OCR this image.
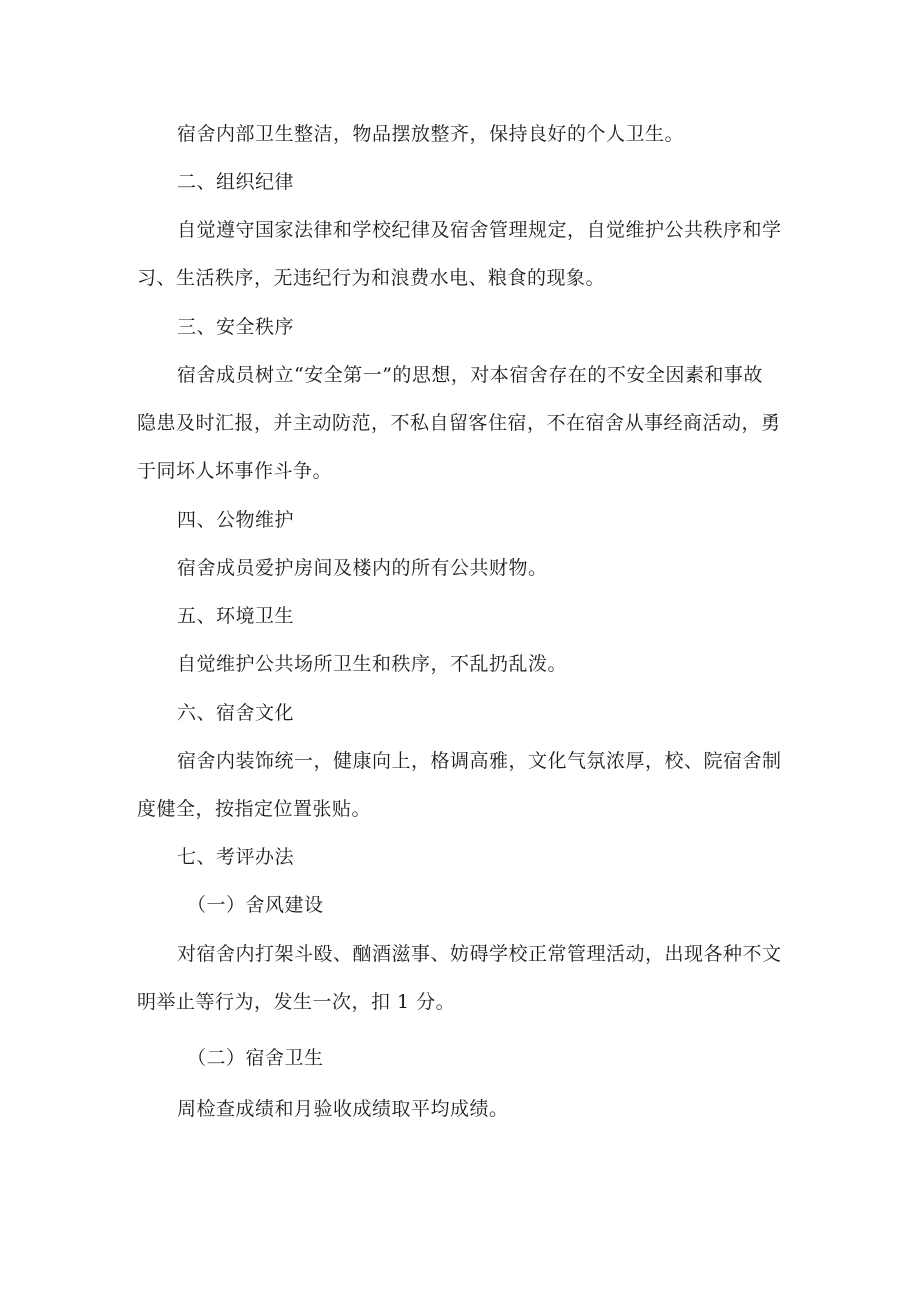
宿舍内部卫生整洁，物品摆放整齐，保持良好的个人卫生。
二、组织纪律
自觉遵守国家法律和学校纪律及宿舍管理规定，自觉维护公共秩序和学
习、生活秩序，无违纪行为和浪费水电、粮食的现象。
三、安全秩序
宿舍成员树立“安全第一”的思想，对本宿舍存在的不安全因素和事故
隐患及时汇报，并主动防范，不私自留客住宿，不在宿舍从事经商活动，勇
于同坏人坏事作斗争。
四、公物维护
宿舍成员爱护房间及楼内的所有公共财物。
五、环境卫生
自觉维护公共场所卫生和秩序，不乱扔乱泼。
六、宿舍文化
宿舍内装饰统一，健康向上，格调高雅，文化气氛浓厚，校、院宿舍制
度健全，按指定位置张贴。
七、考评办法
（一）舍风建设
对宿舍内打架斗殴、酗酒滋事、妨碍学校正常管理活动，出现各种不文
明举止等行为，发生一次，扣 1 分。
（二）宿舍卫生
周检查成绩和月验收成绩取平均成绩。
